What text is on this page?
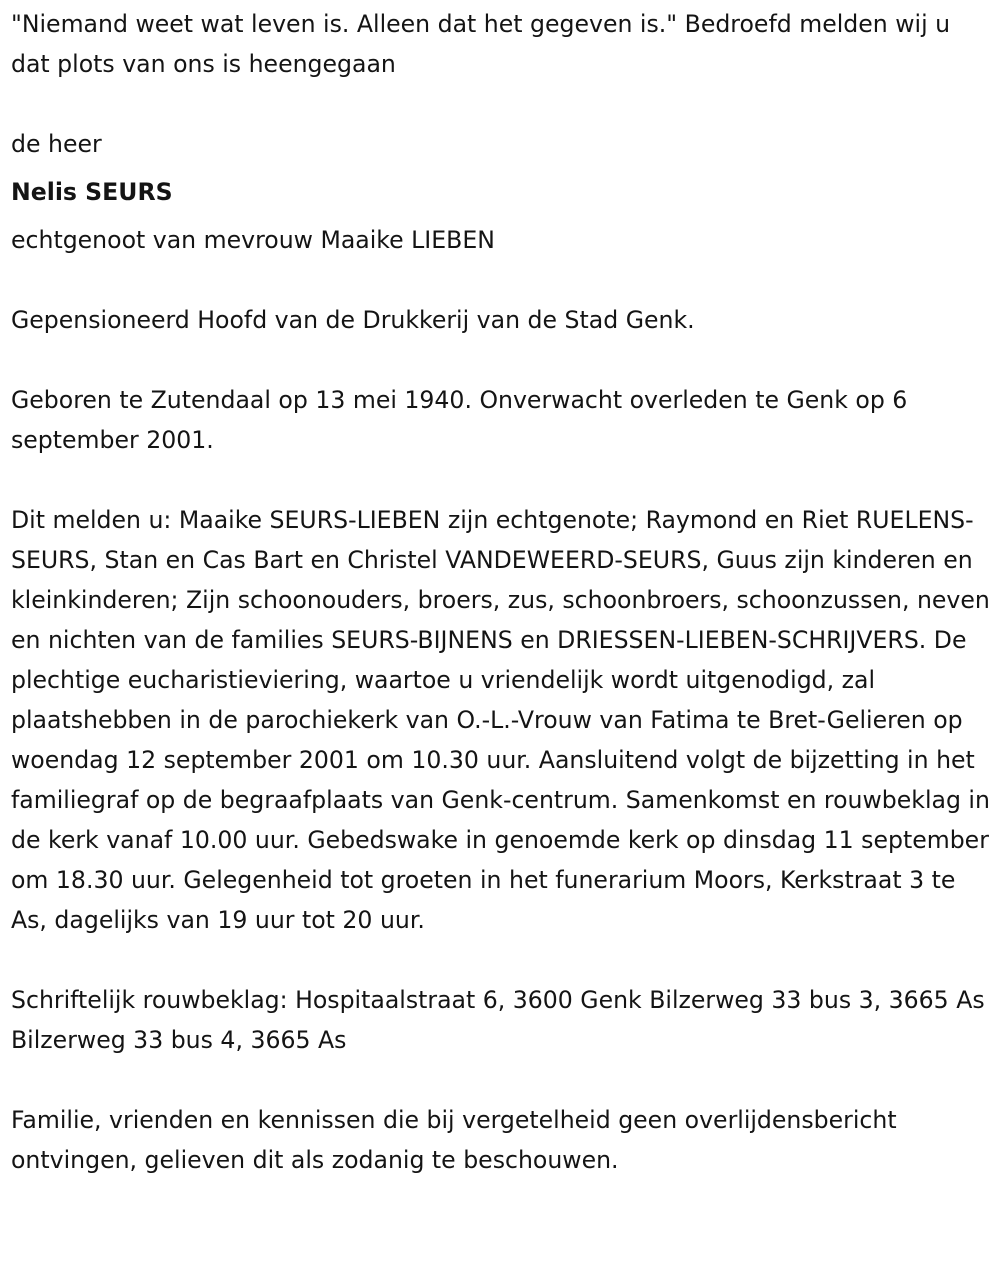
"Niemand weet wat leven is. Alleen dat het gegeven is." Bedroefd melden wij u dat plots van ons is heengegaan

de heer

Nelis SEURS

echtgenoot van mevrouw Maaike LIEBEN

Gepensioneerd Hoofd van de Drukkerij van de Stad Genk.

Geboren te Zutendaal op 13 mei 1940. Onverwacht overleden te Genk op 6 september 2001.

Dit melden u: Maaike SEURS-LIEBEN zijn echtgenote; Raymond en Riet RUELENS-SEURS, Stan en Cas Bart en Christel VANDEWEERD-SEURS, Guus zijn kinderen en kleinkinderen; Zijn schoonouders, broers, zus, schoonbroers, schoonzussen, neven en nichten van de families SEURS-BIJNENS en DRIESSEN-LIEBEN-SCHRIJVERS. De plechtige eucharistieviering, waartoe u vriendelijk wordt uitgenodigd, zal plaatshebben in de parochiekerk van O.-L.-Vrouw van Fatima te Bret-Gelieren op woendag 12 september 2001 om 10.30 uur. Aansluitend volgt de bijzetting in het familiegraf op de begraafplaats van Genk-centrum. Samenkomst en rouwbeklag in de kerk vanaf 10.00 uur. Gebedswake in genoemde kerk op dinsdag 11 september om 18.30 uur. Gelegenheid tot groeten in het funerarium Moors, Kerkstraat 3 te As, dagelijks van 19 uur tot 20 uur.

Schriftelijk rouwbeklag: Hospitaalstraat 6, 3600 Genk Bilzerweg 33 bus 3, 3665 As Bilzerweg 33 bus 4, 3665 As

Familie, vrienden en kennissen die bij vergetelheid geen overlijdensbericht ontvingen, gelieven dit als zodanig te beschouwen.
